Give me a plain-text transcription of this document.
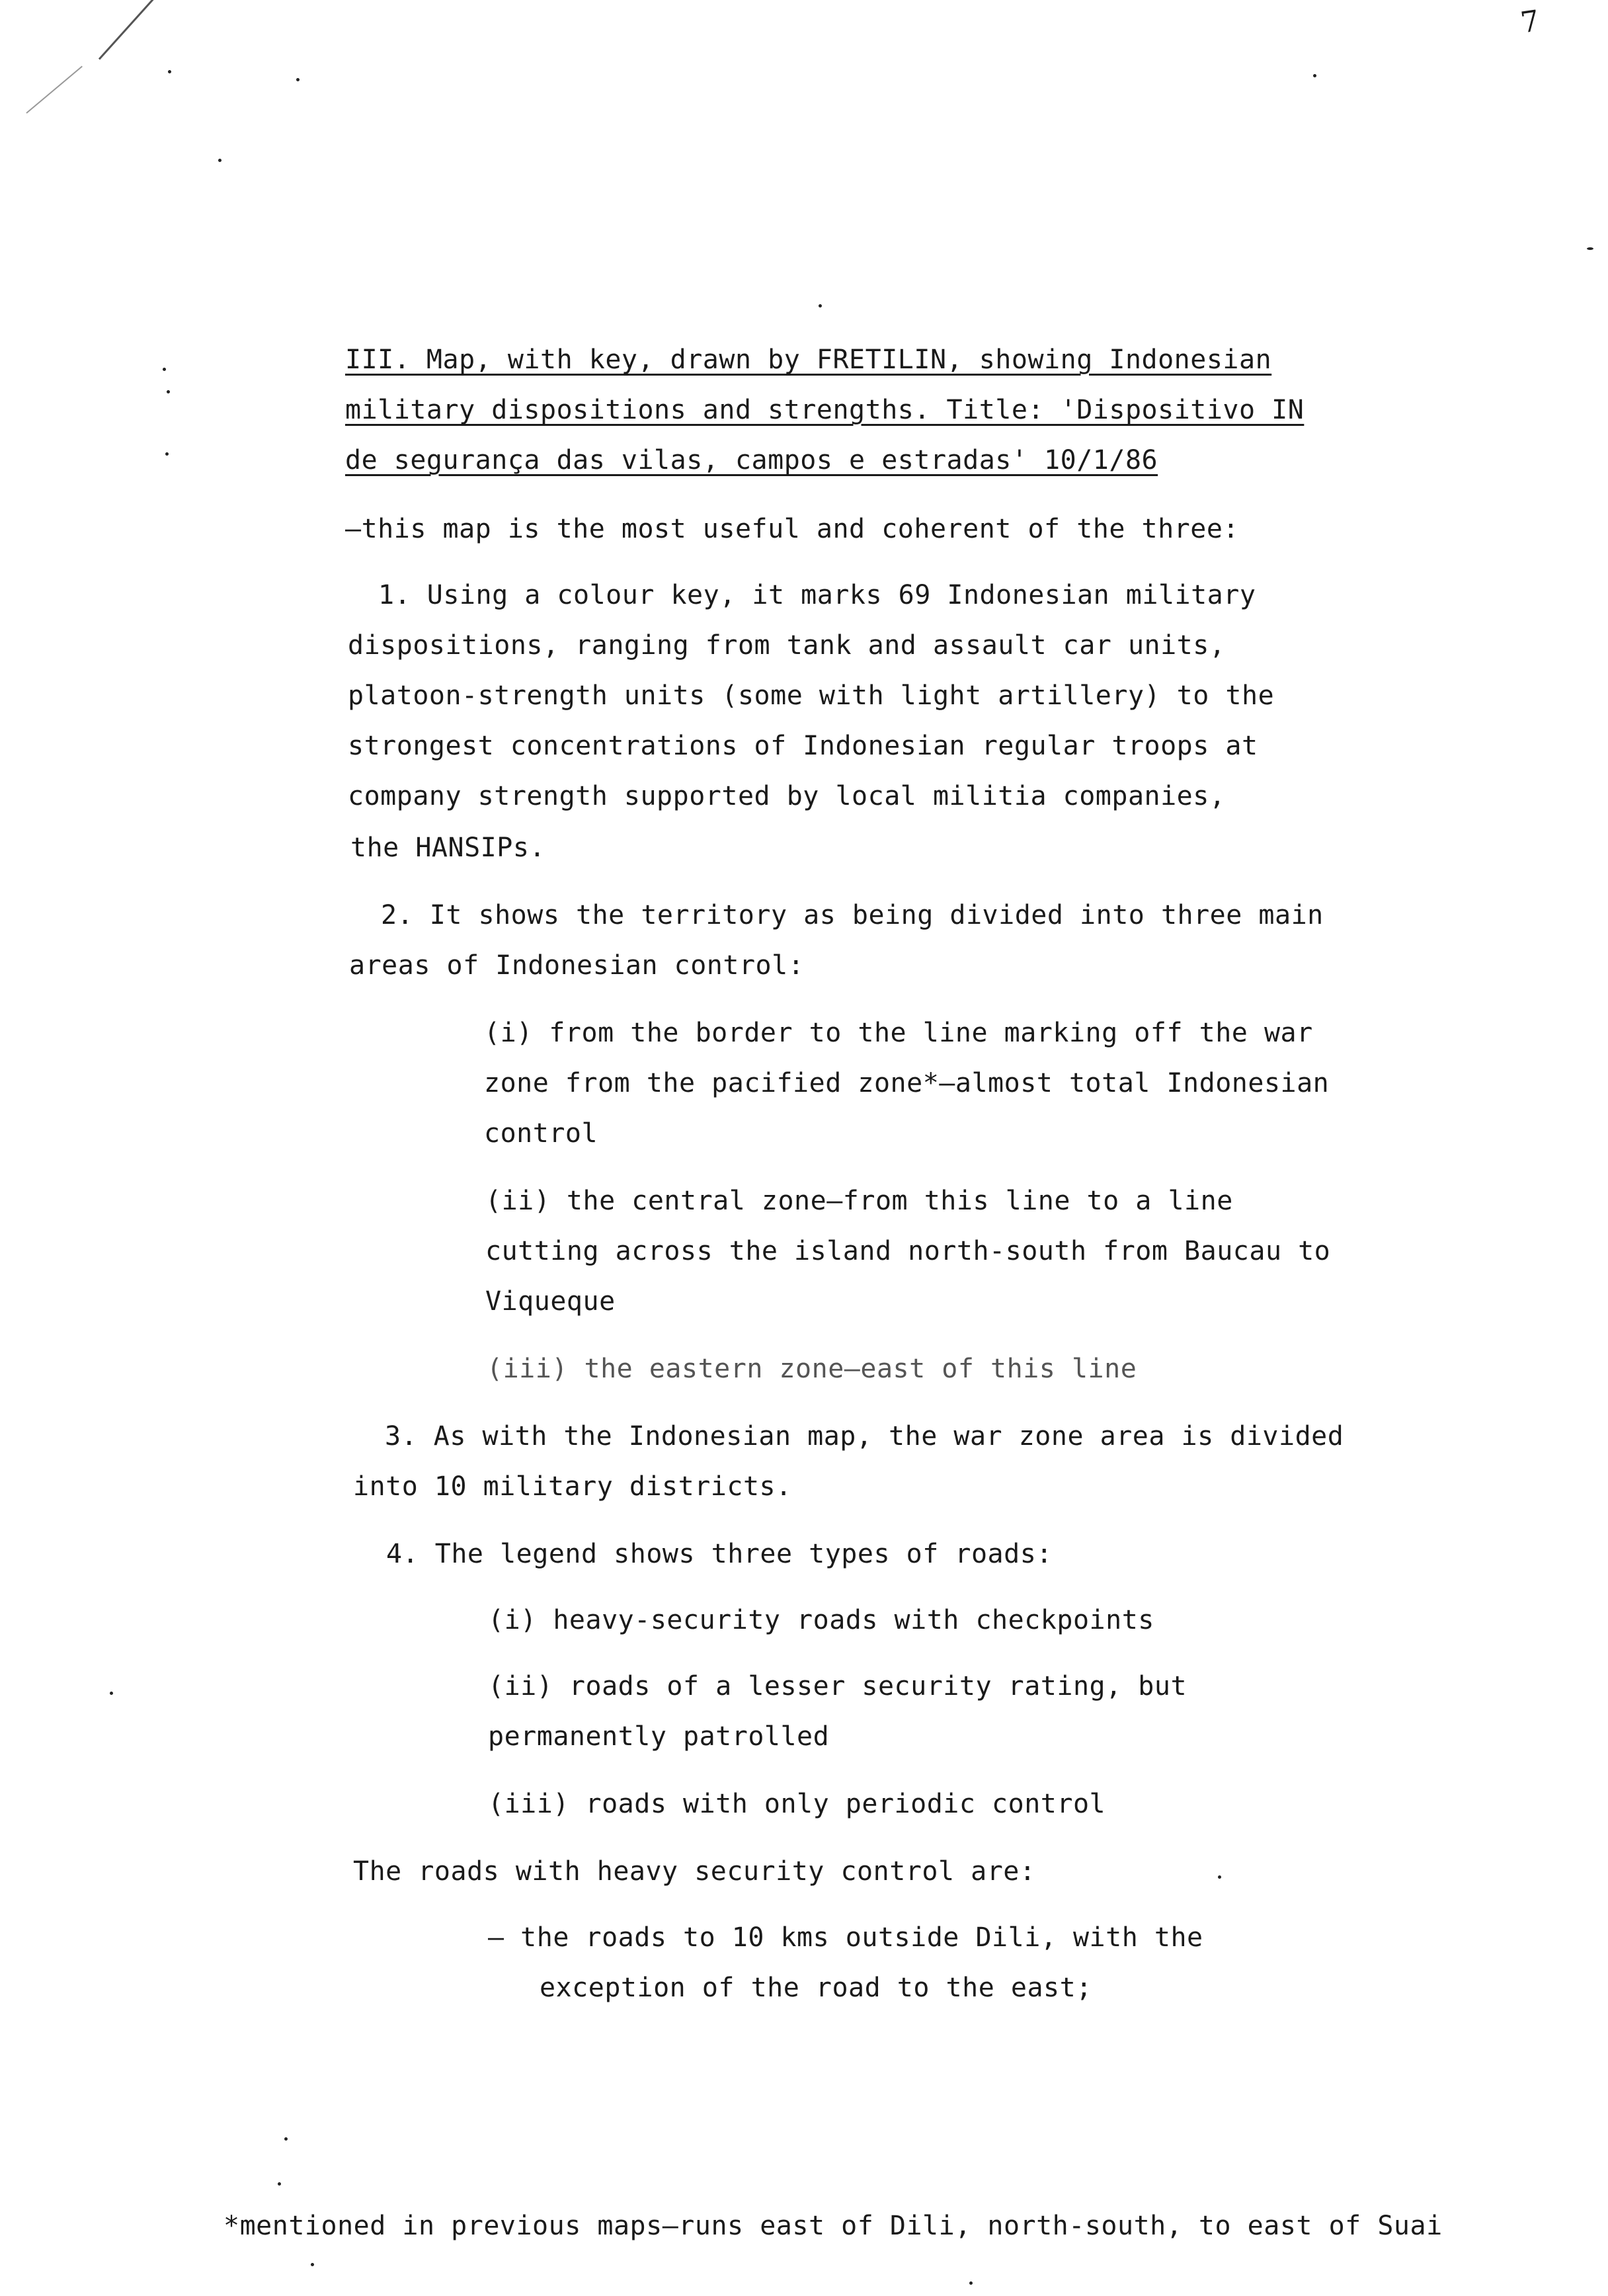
7
III. Map, with key, drawn by FRETILIN, showing Indonesian
military dispositions and strengths. Title: 'Dispositivo IN
de segurança das vilas, campos e estradas' 10/1/86
—this map is the most useful and coherent of the three:
1. Using a colour key, it marks 69 Indonesian military
dispositions, ranging from tank and assault car units,
platoon-strength units (some with light artillery) to the
strongest concentrations of Indonesian regular troops at
company strength supported by local militia companies,
the HANSIPs.
2. It shows the territory as being divided into three main
areas of Indonesian control:
(i) from the border to the line marking off the war
zone from the pacified zone*—almost total Indonesian
control
(ii) the central zone—from this line to a line
cutting across the island north-south from Baucau to
Viqueque
(iii) the eastern zone—east of this line
3. As with the Indonesian map, the war zone area is divided
into 10 military districts.
4. The legend shows three types of roads:
(i) heavy-security roads with checkpoints
(ii) roads of a lesser security rating, but
permanently patrolled
(iii) roads with only periodic control
The roads with heavy security control are:
— the roads to 10 kms outside Dili, with the
exception of the road to the east;
*mentioned in previous maps—runs east of Dili, north-south, to east of Suai
